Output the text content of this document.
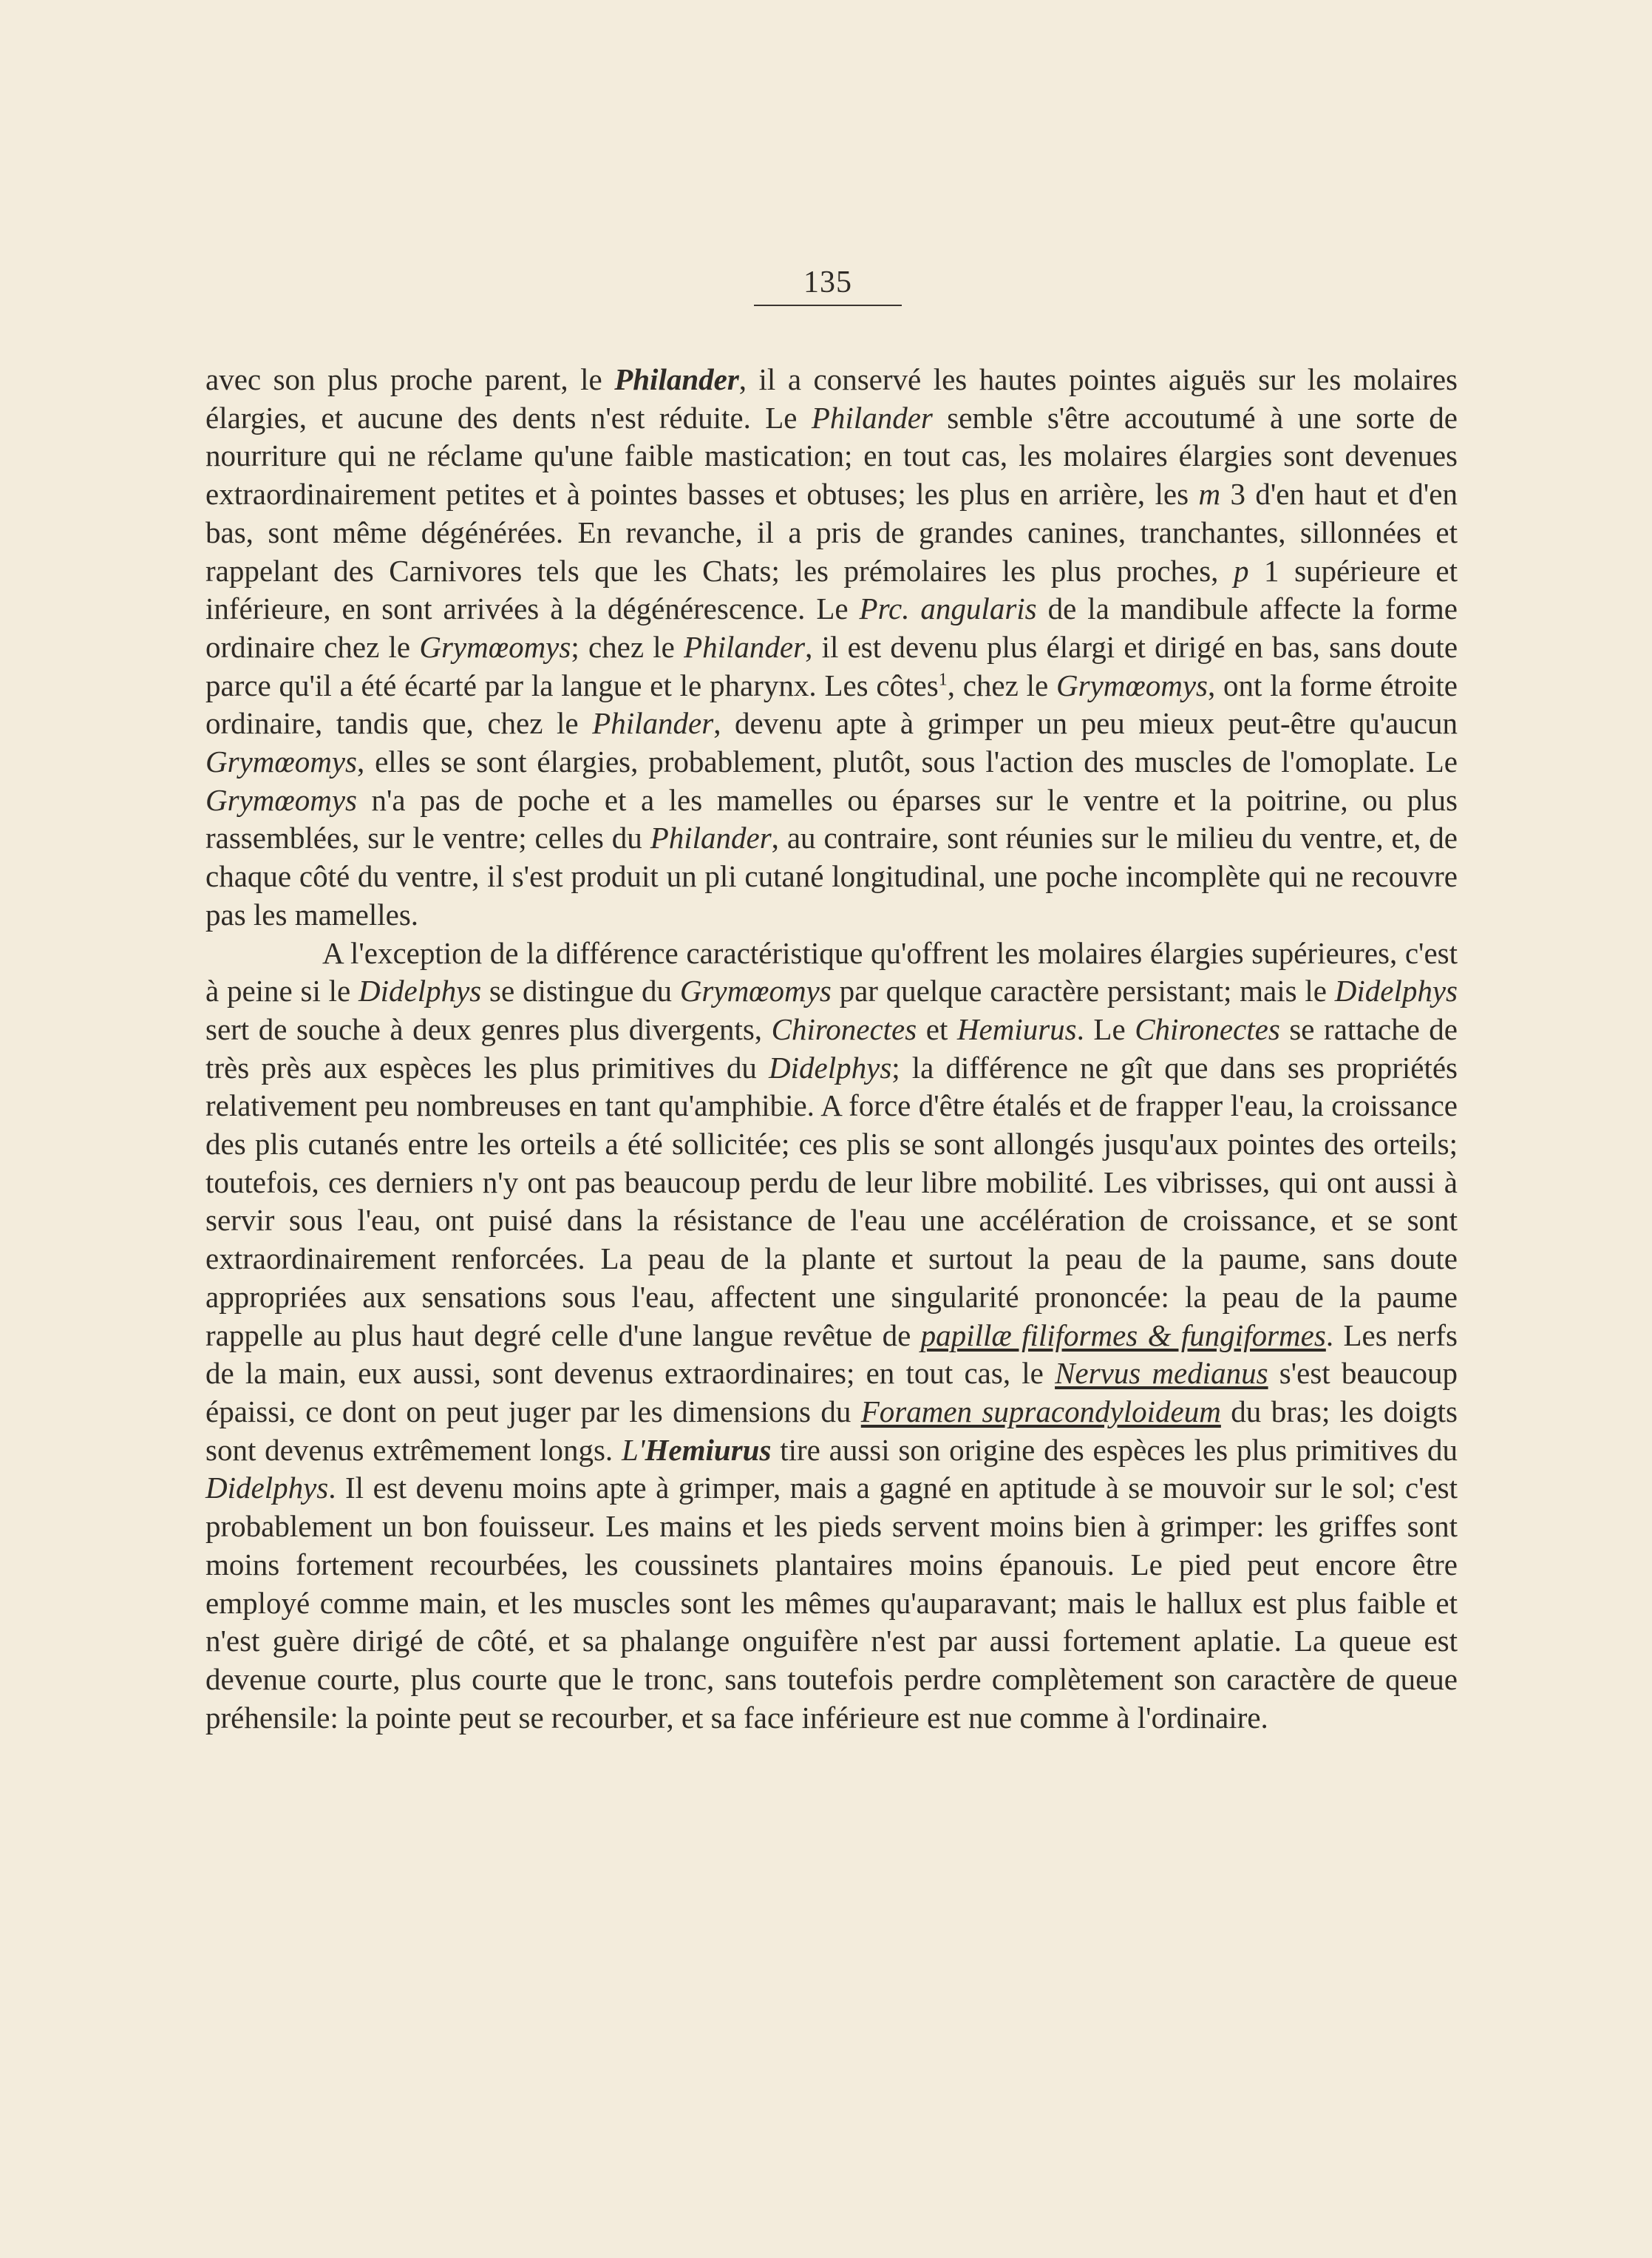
135

avec son plus proche parent, le Philander, il a conservé les hautes pointes aiguës sur les molaires élargies, et aucune des dents n'est réduite. Le Philander semble s'être accoutumé à une sorte de nourriture qui ne réclame qu'une faible mastication; en tout cas, les molaires élargies sont devenues extraordinairement petites et à pointes basses et obtuses; les plus en arrière, les m 3 d'en haut et d'en bas, sont même dégénérées. En revanche, il a pris de grandes canines, tranchantes, sillonnées et rappelant des Carnivores tels que les Chats; les prémolaires les plus proches, p 1 supérieure et inférieure, en sont arrivées à la dégénérescence. Le Prc. angularis de la mandibule affecte la forme ordinaire chez le Grymœomys; chez le Philander, il est devenu plus élargi et dirigé en bas, sans doute parce qu'il a été écarté par la langue et le pharynx. Les côtes$^1$, chez le Grymœomys, ont la forme étroite ordinaire, tandis que, chez le Philander, devenu apte à grimper un peu mieux peut-être qu'aucun Grymœomys, elles se sont élargies, probablement, plutôt, sous l'action des muscles de l'omoplate. Le Grymœomys n'a pas de poche et a les mamelles ou éparses sur le ventre et la poitrine, ou plus rassemblées, sur le ventre; celles du Philander, au contraire, sont réunies sur le milieu du ventre, et, de chaque côté du ventre, il s'est produit un pli cutané longitudinal, une poche incomplète qui ne recouvre pas les mamelles.

A l'exception de la différence caractéristique qu'offrent les molaires élargies supérieures, c'est à peine si le Didelphys se distingue du Grymœomys par quelque caractère persistant; mais le Didelphys sert de souche à deux genres plus divergents, Chironectes et Hemiurus. Le Chironectes se rattache de très près aux espèces les plus primitives du Didelphys; la différence ne gît que dans ses propriétés relativement peu nombreuses en tant qu'amphibie. A force d'être étalés et de frapper l'eau, la croissance des plis cutanés entre les orteils a été sollicitée; ces plis se sont allongés jusqu'aux pointes des orteils; toutefois, ces derniers n'y ont pas beaucoup perdu de leur libre mobilité. Les vibrisses, qui ont aussi à servir sous l'eau, ont puisé dans la résistance de l'eau une accélération de croissance, et se sont extraordinairement renforcées. La peau de la plante et surtout la peau de la paume, sans doute appropriées aux sensations sous l'eau, affectent une singularité prononcée: la peau de la paume rappelle au plus haut degré celle d'une langue revêtue de papillæ filiformes & fungiformes. Les nerfs de la main, eux aussi, sont devenus extraordinaires; en tout cas, le Nervus medianus s'est beaucoup épaissi, ce dont on peut juger par les dimensions du Foramen supracondyloideum du bras; les doigts sont devenus extrêmement longs. L'Hemiurus tire aussi son origine des espèces les plus primitives du Didelphys. Il est devenu moins apte à grimper, mais a gagné en aptitude à se mouvoir sur le sol; c'est probablement un bon fouisseur. Les mains et les pieds servent moins bien à grimper: les griffes sont moins fortement recourbées, les coussinets plantaires moins épanouis. Le pied peut encore être employé comme main, et les muscles sont les mêmes qu'auparavant; mais le hallux est plus faible et n'est guère dirigé de côté, et sa phalange onguifère n'est par aussi fortement aplatie. La queue est devenue courte, plus courte que le tronc, sans toutefois perdre complètement son caractère de queue préhensile: la pointe peut se recourber, et sa face inférieure est nue comme à l'ordinaire.
